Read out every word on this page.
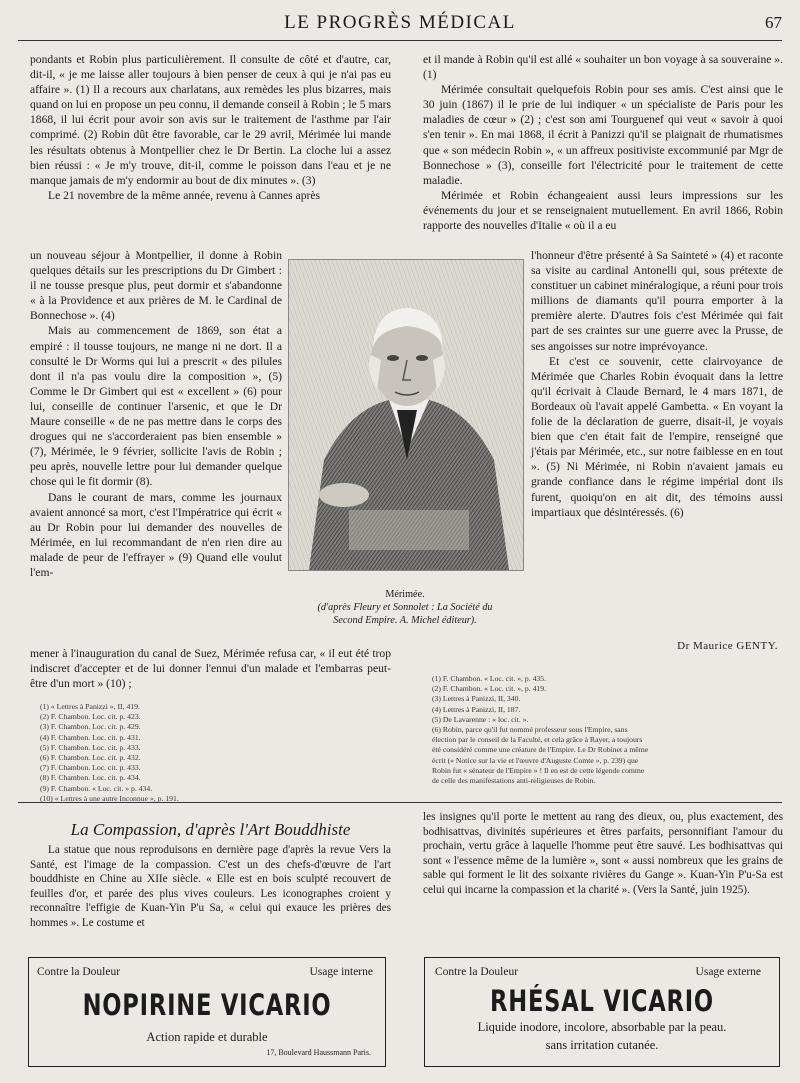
LE PROGRÈS MÉDICAL	67

pondants et Robin plus particulièrement. Il consulte de côté et d'autre, car, dit-il, « je me laisse aller toujours à bien penser de ceux à qui je n'ai pas eu affaire ». (1) Il a recours aux charlatans, aux remèdes les plus bizarres, mais quand on lui en propose un peu connu, il demande conseil à Robin ; le 5 mars 1868, il lui écrit pour avoir son avis sur le traitement de l'asthme par l'air comprimé. (2) Robin dût être favorable, car le 29 avril, Mérimée lui mande les résultats obtenus à Montpellier chez le Dr Bertin. La cloche lui a assez bien réussi : « Je m'y trouve, dit-il, comme le poisson dans l'eau et je ne manque jamais de m'y endormir au bout de dix minutes ». (3)

Le 21 novembre de la même année, revenu à Cannes après

un nouveau séjour à Montpellier, il donne à Robin quelques détails sur les prescriptions du Dr Gimbert : il ne tousse presque plus, peut dormir et s'abandonne « à la Providence et aux prières de M. le Cardinal de Bonnechose ». (4)

Mais au commencement de 1869, son état a empiré : il tousse toujours, ne mange ni ne dort. Il a consulté le Dr Worms qui lui a prescrit « des pilules dont il n'a pas voulu dire la composition », (5) Comme le Dr Gimbert qui est « excellent » (6) pour lui, conseille de continuer l'arsenic, et que le Dr Maure conseille « de ne pas mettre dans le corps des drogues qui ne s'accorderaient pas bien ensemble » (7), Mérimée, le 9 février, sollicite l'avis de Robin ; peu après, nouvelle lettre pour lui demander quelque chose qui le fit dormir (8).

Dans le courant de mars, comme les journaux avaient annoncé sa mort, c'est l'Impératrice qui écrit « au Dr Robin pour lui demander des nouvelles de Mérimée, en lui recommandant de n'en rien dire au malade de peur de l'effrayer » (9) Quand elle voulut l'em-

mener à l'inauguration du canal de Suez, Mérimée refusa car, « il eut été trop indiscret d'accepter et de lui donner l'ennui d'un malade et l'embarras peut-être d'un mort » (10) ;

Mérimée.
(d'après Fleury et Sonnolet : La Société du
Second Empire. A. Michel éditeur).

et il mande à Robin qu'il est allé « souhaiter un bon voyage à sa souveraine ». (1)

Mérimée consultait quelquefois Robin pour ses amis. C'est ainsi que le 30 juin (1867) il le prie de lui indiquer « un spécialiste de Paris pour les maladies de cœur » (2) ; c'est son ami Tourguenef qui veut « savoir à quoi s'en tenir ». En mai 1868, il écrit à Panizzi qu'il se plaignait de rhumatismes que « son médecin Robin », « un affreux positiviste excommunié par Mgr de Bonnechose » (3), conseille fort l'électricité pour le traitement de cette maladie.

Mérimée et Robin échangeaient aussi leurs impressions sur les événements du jour et se renseignaient mutuellement. En avril 1866, Robin rapporte des nouvelles d'Italie « où il a eu

l'honneur d'être présenté à Sa Sainteté » (4) et raconte sa visite au cardinal Antonelli qui, sous prétexte de constituer un cabinet minéralogique, a réuni pour trois millions de diamants qu'il pourra emporter à la première alerte. D'autres fois c'est Mérimée qui fait part de ses craintes sur une guerre avec la Prusse, de ses angoisses sur notre imprévoyance.

Et c'est ce souvenir, cette clairvoyance de Mérimée que Charles Robin évoquait dans la lettre qu'il écrivait à Claude Bernard, le 4 mars 1871, de Bordeaux où l'avait appelé Gambetta. « En voyant la folie de la déclaration de guerre, disait-il, je voyais bien que c'en était fait de l'empire, renseigné que j'étais par Mérimée, etc., sur notre faiblesse en en tout ». (5) Ni Mérimée, ni Robin n'avaient jamais eu grande confiance dans le régime impérial dont ils furent, quoiqu'on en ait dit, des témoins aussi impartiaux que désintéressés. (6)

Dr Maurice GENTY.
(1) « Lettres à Panizzi », II, 419.
(2) F. Chambon. Loc. cit. p. 423.
(3) F. Chambon. Loc. cit. p. 429.
(4) F. Chambon. Loc. cit. p. 431.
(5) F. Chambon. Loc. cit. p. 433.
(6) F. Chambon. Loc. cit. p. 432.
(7) F. Chambon. Loc. cit. p. 433.
(8) F. Chambon. Loc. cit. p. 434.
(9) F. Chambon. « Loc. cit. » p. 434.
(10) « Lettres à une autre Inconnue », p. 191.
(1) F. Chambon. « Loc. cit. », p. 435.
(2) F. Chambon. « Loc. cit. », p. 419.
(3) Lettres à Panizzi, II, 340.
(4) Lettres à Panizzi, II, 187.
(5) De Lavarenne : « loc. cit. ».
(6) Robin, parce qu'il fut nommé professeur sous l'Empire, sans
élection par le conseil de la Faculté, et cela grâce à Rayer, a toujours
été considéré comme une créature de l'Empire. Le Dr Robinet a même
écrit (« Notice sur la vie et l'œuvre d'Auguste Comte », p. 239) que
Robin fut « sénateur de l'Empire » ! Il en est de cette légende comme
de celle des manifestations anti-religieuses de Robin.
La Compassion, d'après l'Art Bouddhiste

La statue que nous reproduisons en dernière page d'après la revue Vers la Santé, est l'image de la compassion. C'est un des chefs-d'œuvre de l'art bouddhiste en Chine au XIIe siècle. « Elle est en bois sculpté recouvert de feuilles d'or, et parée des plus vives couleurs. Les iconographes croient y reconnaître l'effigie de Kuan-Yin P'u Sa, « celui qui exauce les prières des hommes ». Le costume et

les insignes qu'il porte le mettent au rang des dieux, ou, plus exactement, des bodhisattvas, divinités supérieures et êtres parfaits, personnifiant l'amour du prochain, vertu grâce à laquelle l'homme peut être sauvé. Les bodhisattvas qui sont « l'essence même de la lumière », sont « aussi nombreux que les grains de sable qui forment le lit des soixante rivières du Gange ». Kuan-Yin P'u-Sa est celui qui incarne la compassion et la charité ». (Vers la Santé, juin 1925).

Contre la Douleur	Usage interne
NOPIRINE VICARIO
Action rapide et durable
17, Boulevard Haussmann Paris.
Contre la Douleur	Usage externe
RHÉSAL VICARIO
Liquide inodore, incolore, absorbable par la peau.
sans irritation cutanée.
